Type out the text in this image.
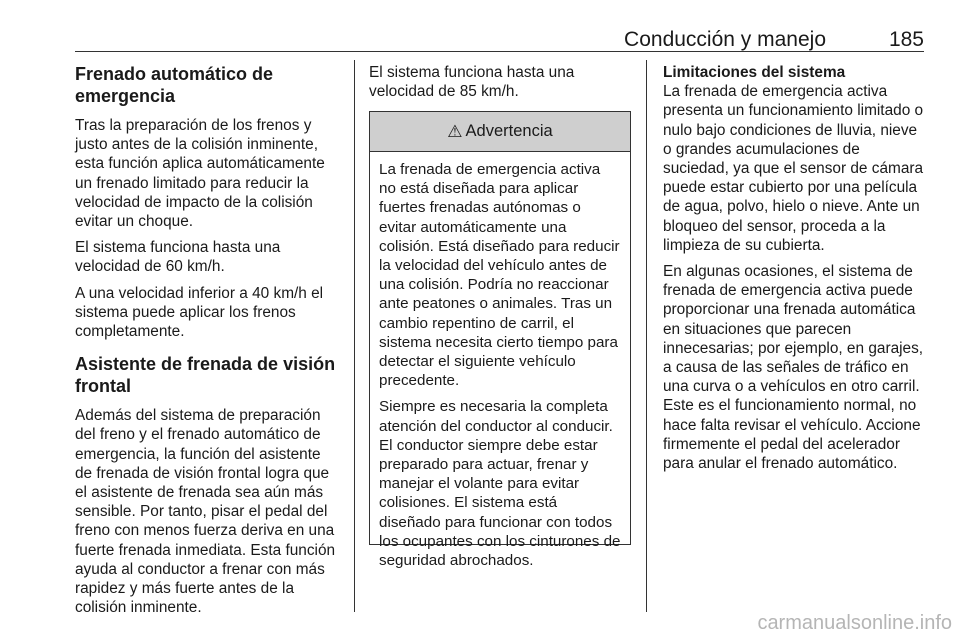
Conducción y manejo	185
Frenado automático de emergencia

Tras la preparación de los frenos y justo antes de la colisión inminente, esta función aplica automáticamente un frenado limitado para reducir la velocidad de impacto de la colisión evitar un choque.

El sistema funciona hasta una velocidad de 60 km/h.

A una velocidad inferior a 40 km/h el sistema puede aplicar los frenos completamente.

Asistente de frenada de visión frontal

Además del sistema de preparación del freno y el frenado automático de emergencia, la función del asistente de frenada de visión frontal logra que el asistente de frenada sea aún más sensible. Por tanto, pisar el pedal del freno con menos fuerza deriva en una fuerte frenada inmediata. Esta función ayuda al conductor a frenar con más rapidez y más fuerte antes de la colisión inminente.

El sistema funciona hasta una velocidad de 85 km/h.

⚠ Advertencia

La frenada de emergencia activa no está diseñada para aplicar fuertes frenadas autónomas o evitar automáticamente una colisión. Está diseñado para reducir la velocidad del vehículo antes de una colisión. Podría no reaccionar ante peatones o animales. Tras un cambio repentino de carril, el sistema necesita cierto tiempo para detectar el siguiente vehículo precedente.

Siempre es necesaria la completa atención del conductor al conducir. El conductor siempre debe estar preparado para actuar, frenar y manejar el volante para evitar colisiones. El sistema está diseñado para funcionar con todos los ocupantes con los cinturones de seguridad abrochados.

Limitaciones del sistema

La frenada de emergencia activa presenta un funcionamiento limitado o nulo bajo condiciones de lluvia, nieve o grandes acumulaciones de suciedad, ya que el sensor de cámara puede estar cubierto por una película de agua, polvo, hielo o nieve. Ante un bloqueo del sensor, proceda a la limpieza de su cubierta.

En algunas ocasiones, el sistema de frenada de emergencia activa puede proporcionar una frenada automática en situaciones que parecen innecesarias; por ejemplo, en garajes, a causa de las señales de tráfico en una curva o a vehículos en otro carril. Este es el funcionamiento normal, no hace falta revisar el vehículo. Accione firmemente el pedal del acelerador para anular el frenado automático.

carmanualsonline.info
